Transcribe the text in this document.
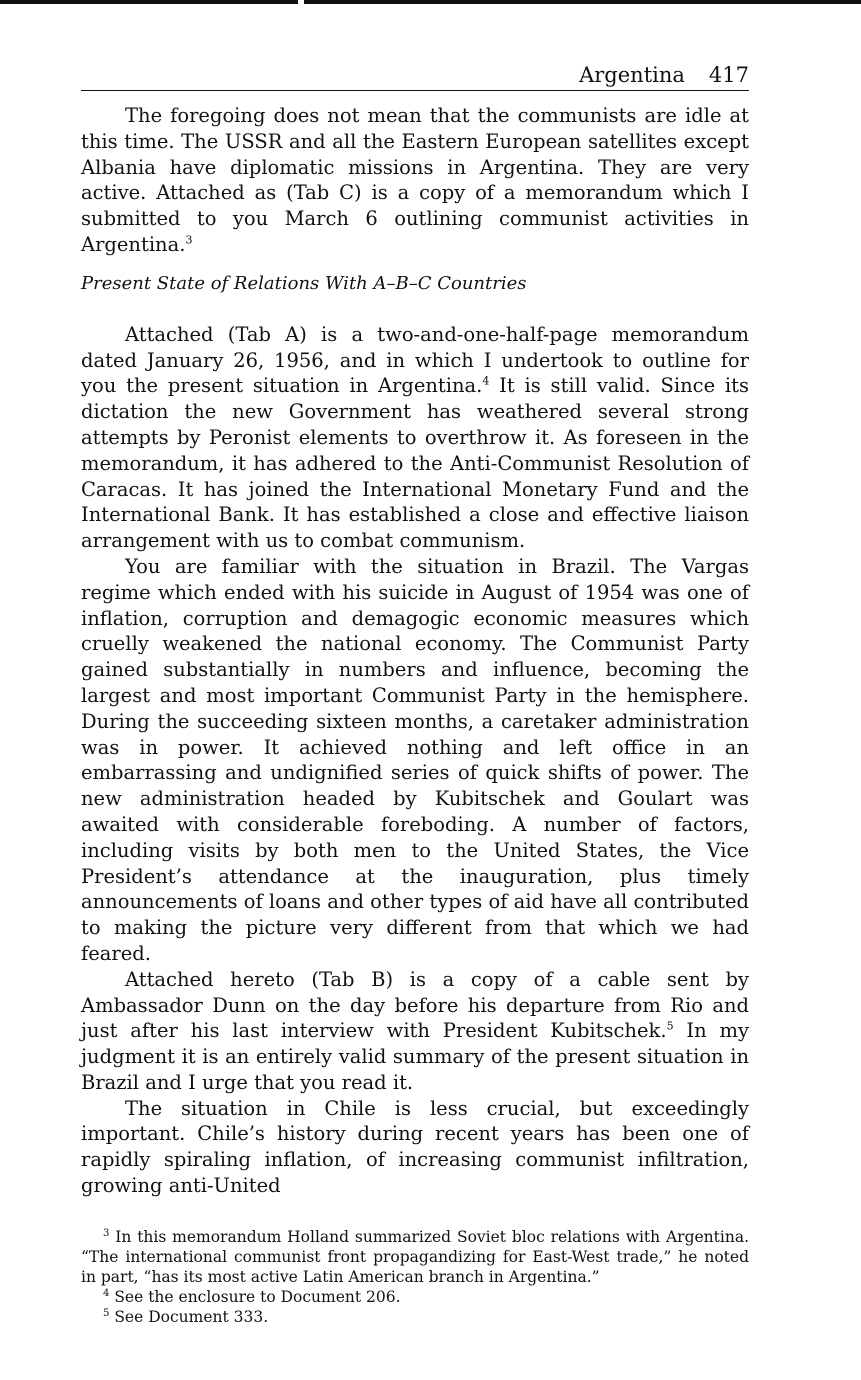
Argentina 417

The foregoing does not mean that the communists are idle at this time. The USSR and all the Eastern European satellites except Albania have diplomatic missions in Argentina. They are very active. Attached as (Tab C) is a copy of a memorandum which I submitted to you March 6 outlining communist activities in Argentina.$^3$

Present State of Relations With A–B–C Countries

Attached (Tab A) is a two-and-one-half-page memorandum dated January 26, 1956, and in which I undertook to outline for you the present situation in Argentina.$^4$ It is still valid. Since its dictation the new Government has weathered several strong attempts by Peronist elements to overthrow it. As foreseen in the memorandum, it has adhered to the Anti-Communist Resolution of Caracas. It has joined the International Monetary Fund and the International Bank. It has established a close and effective liaison arrangement with us to combat communism.

You are familiar with the situation in Brazil. The Vargas regime which ended with his suicide in August of 1954 was one of inflation, corruption and demagogic economic measures which cruelly weakened the national economy. The Communist Party gained substantially in numbers and influence, becoming the largest and most important Communist Party in the hemisphere. During the succeeding sixteen months, a caretaker administration was in power. It achieved nothing and left office in an embarrassing and undignified series of quick shifts of power. The new administration headed by Kubitschek and Goulart was awaited with considerable foreboding. A number of factors, including visits by both men to the United States, the Vice President’s attendance at the inauguration, plus timely announcements of loans and other types of aid have all contributed to making the picture very different from that which we had feared.

Attached hereto (Tab B) is a copy of a cable sent by Ambassador Dunn on the day before his departure from Rio and just after his last interview with President Kubitschek.$^5$ In my judgment it is an entirely valid summary of the present situation in Brazil and I urge that you read it.

The situation in Chile is less crucial, but exceedingly important. Chile’s history during recent years has been one of rapidly spiraling inflation, of increasing communist infiltration, growing anti-United

$^3$ In this memorandum Holland summarized Soviet bloc relations with Argentina. “The international communist front propagandizing for East-West trade,” he noted in part, “has its most active Latin American branch in Argentina.”

$^4$ See the enclosure to Document 206.

$^5$ See Document 333.
